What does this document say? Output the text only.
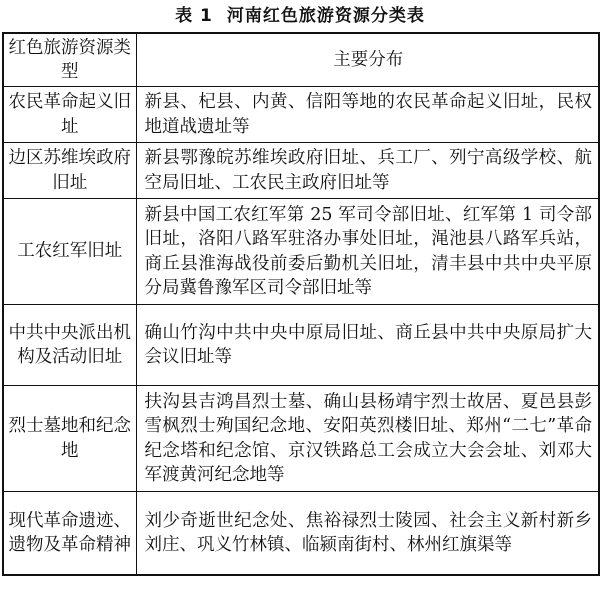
表 1 河南红色旅游资源分类表
红色旅游资源类型	主要分布
农民革命起义旧址	新县、杞县、内黄、信阳等地的农民革命起义旧址，民权地道战遗址等
边区苏维埃政府旧址	新县鄂豫皖苏维埃政府旧址、兵工厂、列宁高级学校、航空局旧址、工农民主政府旧址等
工农红军旧址	新县中国工农红军第 25 军司令部旧址、红军第 1 司令部旧址，洛阳八路军驻洛办事处旧址，渑池县八路军兵站，商丘县淮海战役前委后勤机关旧址，清丰县中共中央平原分局冀鲁豫军区司令部旧址等
中共中央派出机构及活动旧址	确山竹沟中共中央中原局旧址、商丘县中共中央原局扩大会议旧址等
烈士墓地和纪念地	扶沟县吉鸿昌烈士墓、确山县杨靖宇烈士故居、夏邑县彭雪枫烈士殉国纪念地、安阳英烈楼旧址、郑州“二七”革命纪念塔和纪念馆、京汉铁路总工会成立大会会址、刘邓大军渡黄河纪念地等
现代革命遗迹、遗物及革命精神	刘少奇逝世纪念处、焦裕禄烈士陵园、社会主义新村新乡刘庄、巩义竹林镇、临颍南街村、林州红旗渠等
